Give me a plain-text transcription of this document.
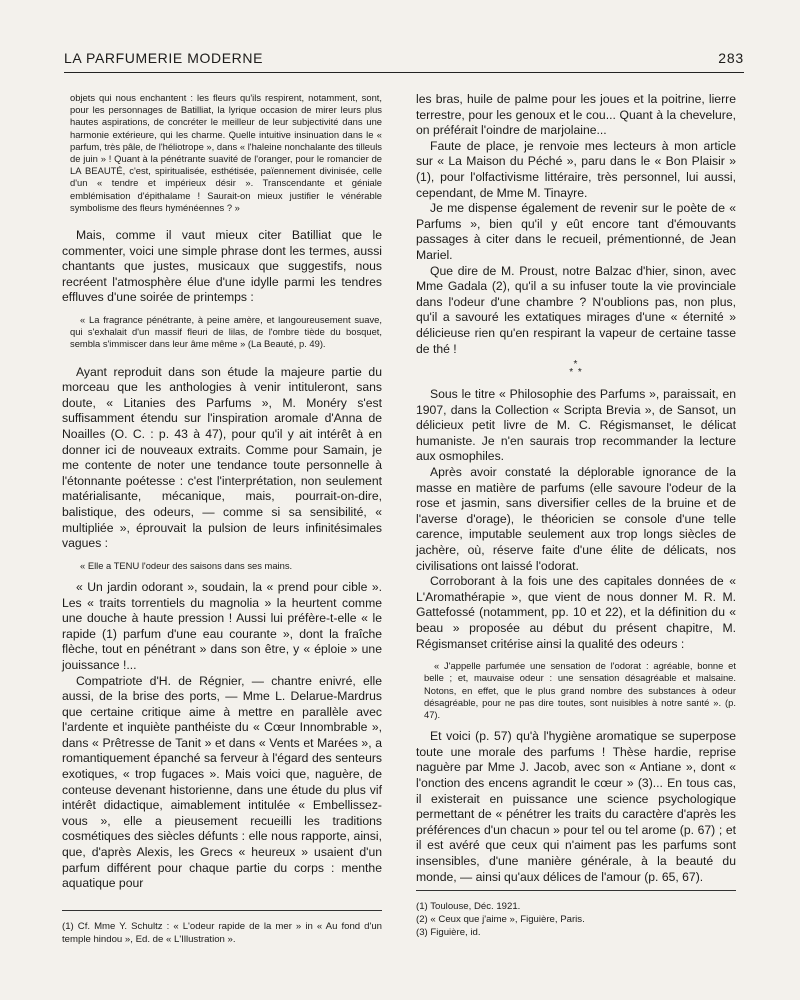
LA PARFUMERIE MODERNE	283

objets qui nous enchantent : les fleurs qu'ils respirent, notamment, sont, pour les personnages de Batilliat, la lyrique occasion de mirer leurs plus hautes aspirations, de concréter le meilleur de leur subjectivité dans une harmonie extérieure, qui les charme. Quelle intuitive insinuation dans le « parfum, très pâle, de l'héliotrope », dans « l'haleine nonchalante des tilleuls de juin » ! Quant à la pénétrante suavité de l'oranger, pour le romancier de LA BEAUTÉ, c'est, spiritualisée, esthétisée, païennement divinisée, celle d'un « tendre et impérieux désir ». Transcendante et géniale emblémisation d'épithalame ! Saurait-on mieux justifier le vénérable symbolisme des fleurs hyménéennes ? »

Mais, comme il vaut mieux citer Batilliat que le commenter, voici une simple phrase dont les termes, aussi chantants que justes, musicaux que suggestifs, nous recréent l'atmosphère élue d'une idylle parmi les tendres effluves d'une soirée de printemps :

« La fragrance pénétrante, à peine amère, et langoureusement suave, qui s'exhalait d'un massif fleuri de lilas, de l'ombre tiède du bosquet, sembla s'immiscer dans leur âme même » (La Beauté, p. 49).

Ayant reproduit dans son étude la majeure partie du morceau que les anthologies à venir intituleront, sans doute, « Litanies des Parfums », M. Monéry s'est suffisamment étendu sur l'inspiration aromale d'Anna de Noailles (O. C. : p. 43 à 47), pour qu'il y ait intérêt à en donner ici de nouveaux extraits. Comme pour Samain, je me contente de noter une tendance toute personnelle à l'étonnante poétesse : c'est l'interprétation, non seulement matérialisante, mécanique, mais, pourrait-on-dire, balistique, des odeurs, — comme si sa sensibilité, « multipliée », éprouvait la pulsion de leurs infinitésimales vagues :

« Elle a TENU l'odeur des saisons dans ses mains.

« Un jardin odorant », soudain, la « prend pour cible ». Les « traits torrentiels du magnolia » la heurtent comme une douche à haute pression ! Aussi lui préfère-t-elle « le rapide (1) parfum d'une eau courante », dont la fraîche flèche, tout en pénétrant » dans son être, y « éploie » une jouissance !...

Compatriote d'H. de Régnier, — chantre enivré, elle aussi, de la brise des ports, — Mme L. Delarue-Mardrus que certaine critique aime à mettre en parallèle avec l'ardente et inquiète panthéiste du « Cœur Innombrable », dans « Prêtresse de Tanit » et dans « Vents et Marées », a romantiquement épanché sa ferveur à l'égard des senteurs exotiques, « trop fugaces ». Mais voici que, naguère, de conteuse devenant historienne, dans une étude du plus vif intérêt didactique, aimablement intitulée « Embellissez-vous », elle a pieusement recueilli les traditions cosmétiques des siècles défunts : elle nous rapporte, ainsi, que, d'après Alexis, les Grecs « heureux » usaient d'un parfum différent pour chaque partie du corps : menthe aquatique pour

les bras, huile de palme pour les joues et la poitrine, lierre terrestre, pour les genoux et le cou... Quant à la chevelure, on préférait l'oindre de marjolaine...

Faute de place, je renvoie mes lecteurs à mon article sur « La Maison du Péché », paru dans le « Bon Plaisir » (1), pour l'olfactivisme littéraire, très personnel, lui aussi, cependant, de Mme M. Tinayre.

Je me dispense également de revenir sur le poète de « Parfums », bien qu'il y eût encore tant d'émouvants passages à citer dans le recueil, prémentionné, de Jean Mariel.

Que dire de M. Proust, notre Balzac d'hier, sinon, avec Mme Gadala (2), qu'il a su infuser toute la vie provinciale dans l'odeur d'une chambre ? N'oublions pas, non plus, qu'il a savouré les extatiques mirages d'une « éternité » délicieuse rien qu'en respirant la vapeur de certaine tasse de thé !

*
* *

Sous le titre « Philosophie des Parfums », paraissait, en 1907, dans la Collection « Scripta Brevia », de Sansot, un délicieux petit livre de M. C. Régismanset, le délicat humaniste. Je n'en saurais trop recommander la lecture aux osmophiles.

Après avoir constaté la déplorable ignorance de la masse en matière de parfums (elle savoure l'odeur de la rose et jasmin, sans diversifier celles de la bruine et de l'averse d'orage), le théoricien se console d'une telle carence, imputable seulement aux trop longs siècles de jachère, où, réserve faite d'une élite de délicats, nos civilisations ont laissé l'odorat.

Corroborant à la fois une des capitales données de « L'Aromathérapie », que vient de nous donner M. R. M. Gattefossé (notamment, pp. 10 et 22), et la définition du « beau » proposée au début du présent chapitre, M. Régismanset critérise ainsi la qualité des odeurs :

« J'appelle parfumée une sensation de l'odorat : agréable, bonne et belle ; et, mauvaise odeur : une sensation désagréable et malsaine. Notons, en effet, que le plus grand nombre des substances à odeur désagréable, pour ne pas dire toutes, sont nuisibles à notre santé ». (p. 47).

Et voici (p. 57) qu'à l'hygiène aromatique se superpose toute une morale des parfums ! Thèse hardie, reprise naguère par Mme J. Jacob, avec son « Antiane », dont « l'onction des encens agrandit le cœur » (3)... En tous cas, il existerait en puissance une science psychologique permettant de « pénétrer les traits du caractère d'après les préférences d'un chacun » pour tel ou tel arome (p. 67) ; et il est avéré que ceux qui n'aiment pas les parfums sont insensibles, d'une manière générale, à la beauté du monde, — ainsi qu'aux délices de l'amour (p. 65, 67).

(1) Cf. Mme Y. Schultz : « L'odeur rapide de la mer » in « Au fond d'un temple hindou », Ed. de « L'Illustration ».

(1) Toulouse, Déc. 1921.

(2) « Ceux que j'aime », Figuière, Paris.

(3) Figuière, id.
